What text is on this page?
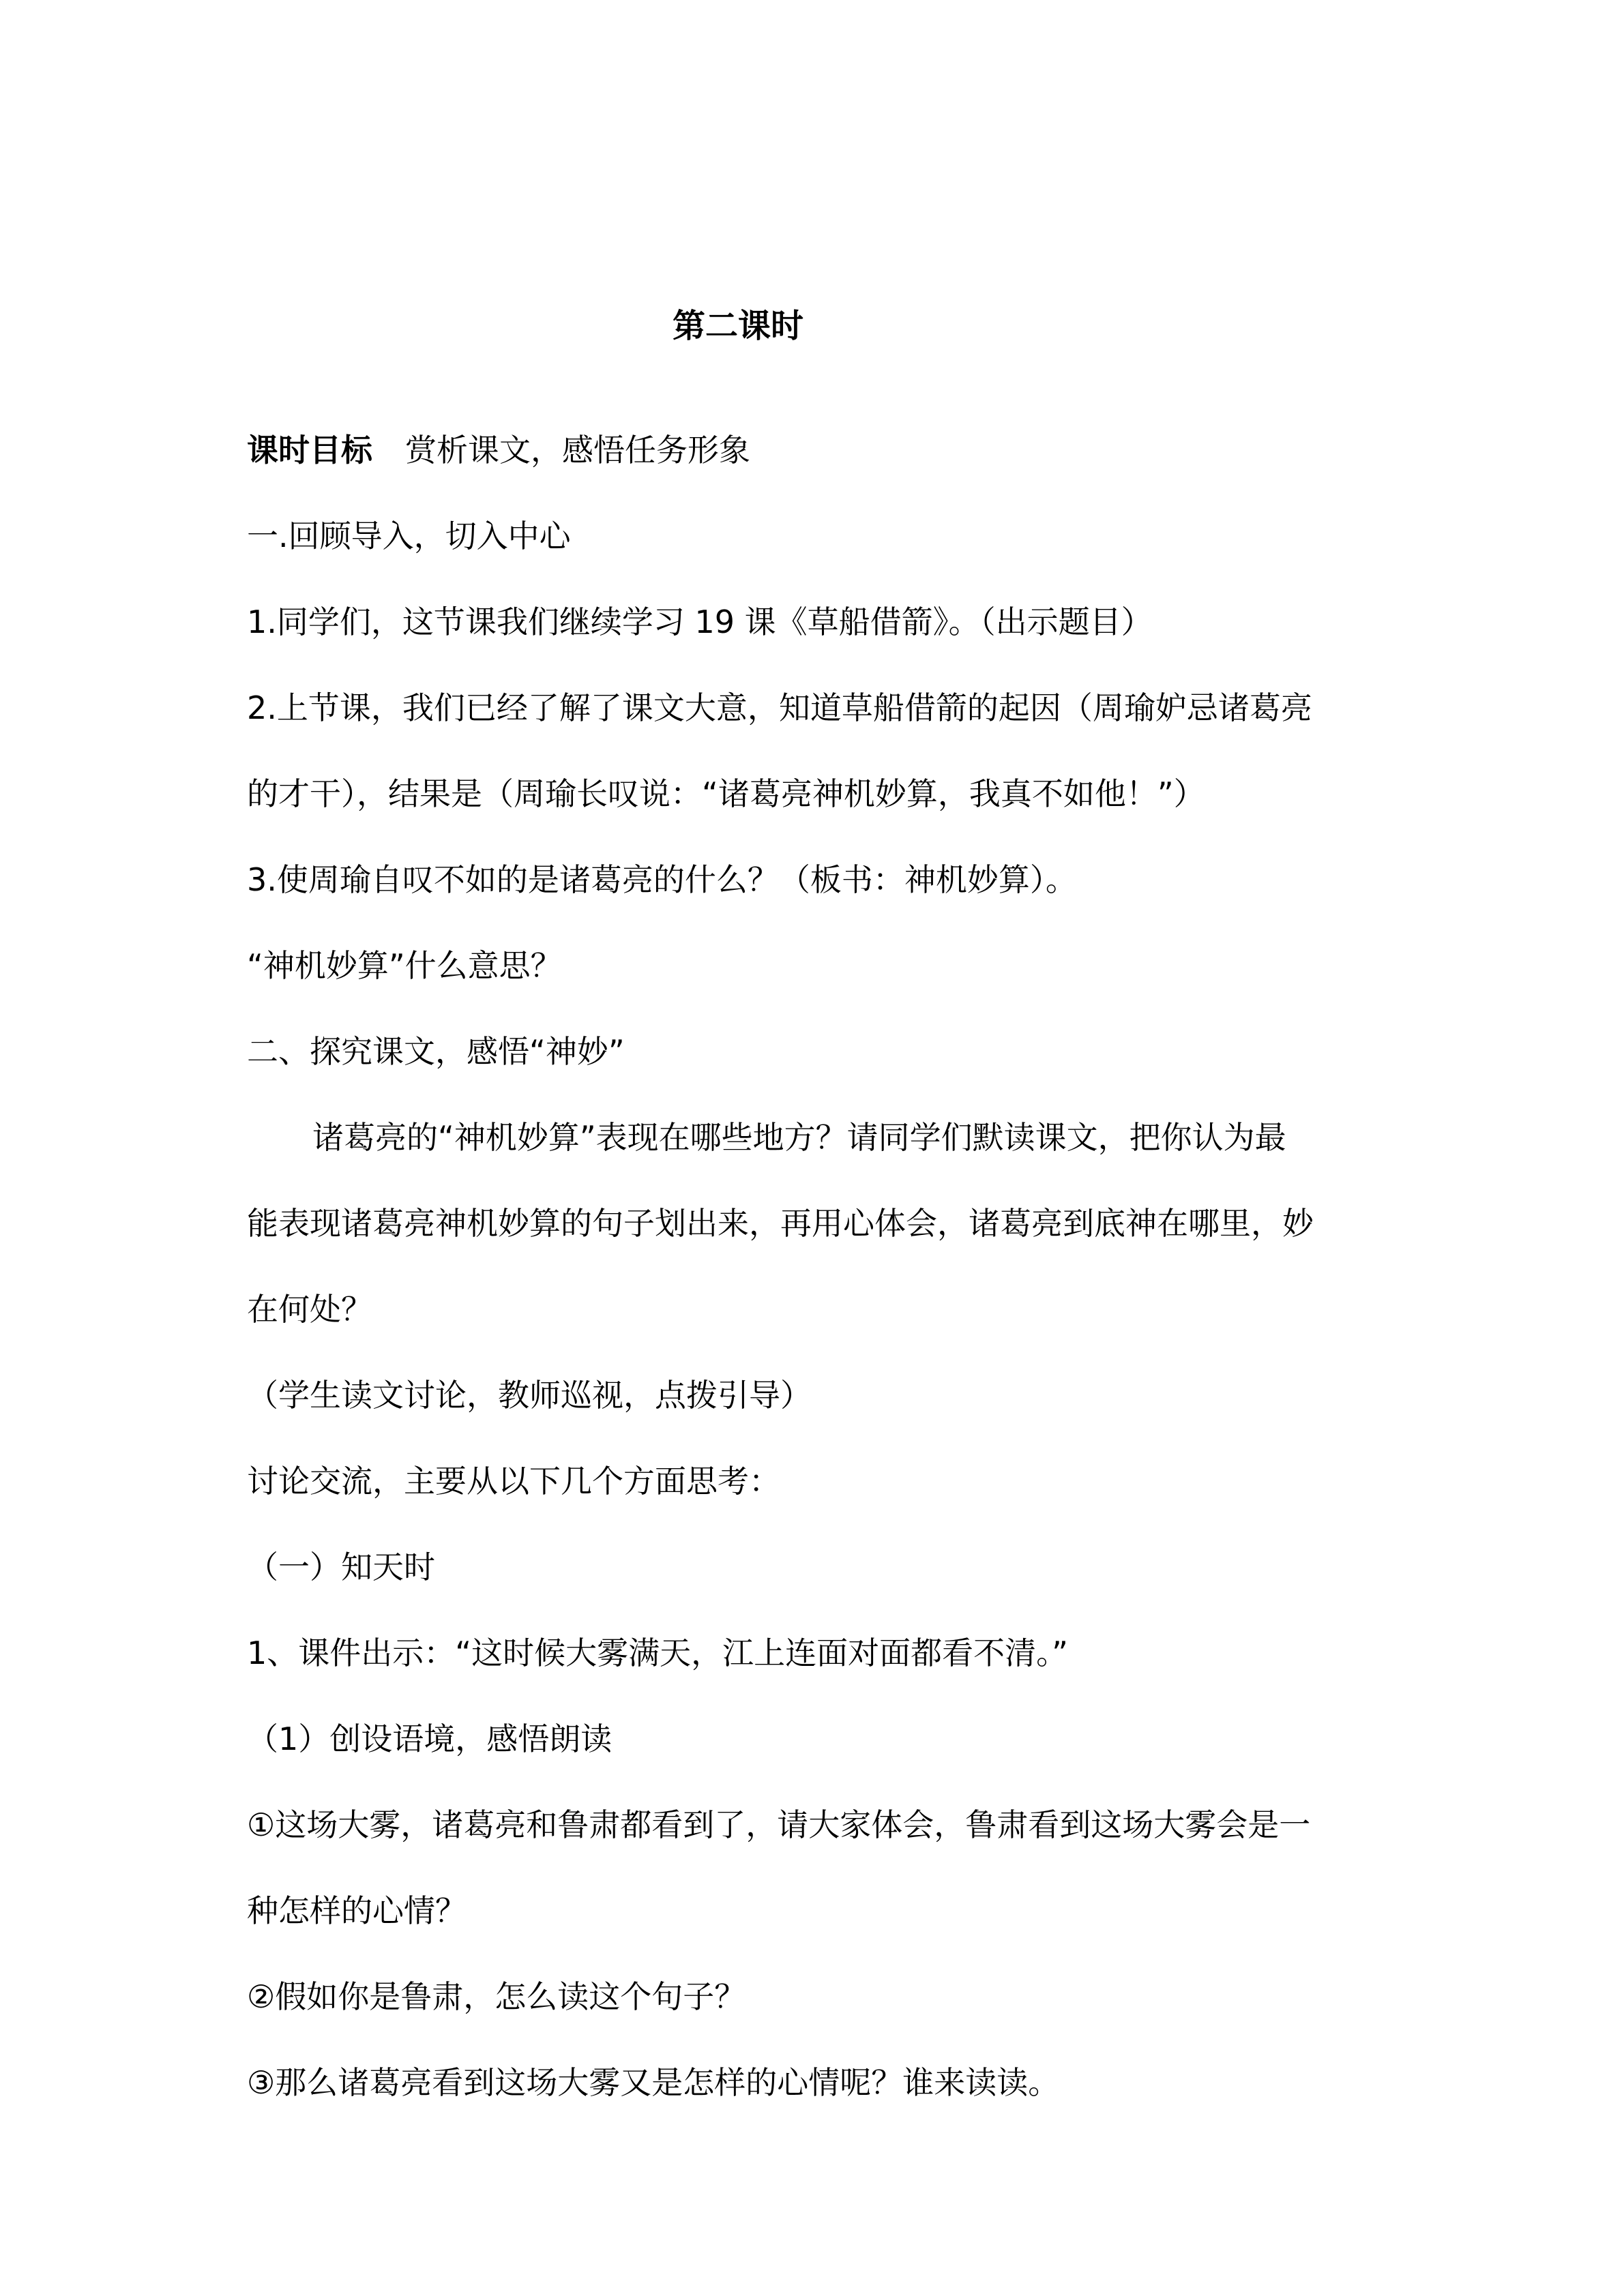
第二课时
课时目标 赏析课文，感悟任务形象
一.回顾导入，切入中心
1.同学们，这节课我们继续学习 19 课《草船借箭》。（出示题目）
2.上节课，我们已经了解了课文大意，知道草船借箭的起因（周瑜妒忌诸葛亮
的才干），结果是（周瑜长叹说：“诸葛亮神机妙算，我真不如他！”）
3.使周瑜自叹不如的是诸葛亮的什么？（板书：神机妙算）。
“神机妙算”什么意思？
二、探究课文，感悟“神妙”
诸葛亮的“神机妙算”表现在哪些地方？请同学们默读课文，把你认为最
能表现诸葛亮神机妙算的句子划出来，再用心体会，诸葛亮到底神在哪里，妙
在何处？
（学生读文讨论，教师巡视，点拨引导）
讨论交流，主要从以下几个方面思考：
（一）知天时
1、课件出示：“这时候大雾满天，江上连面对面都看不清。”
（1）创设语境，感悟朗读
①这场大雾，诸葛亮和鲁肃都看到了，请大家体会，鲁肃看到这场大雾会是一
种怎样的心情？
②假如你是鲁肃，怎么读这个句子？
③那么诸葛亮看到这场大雾又是怎样的心情呢？谁来读读。
